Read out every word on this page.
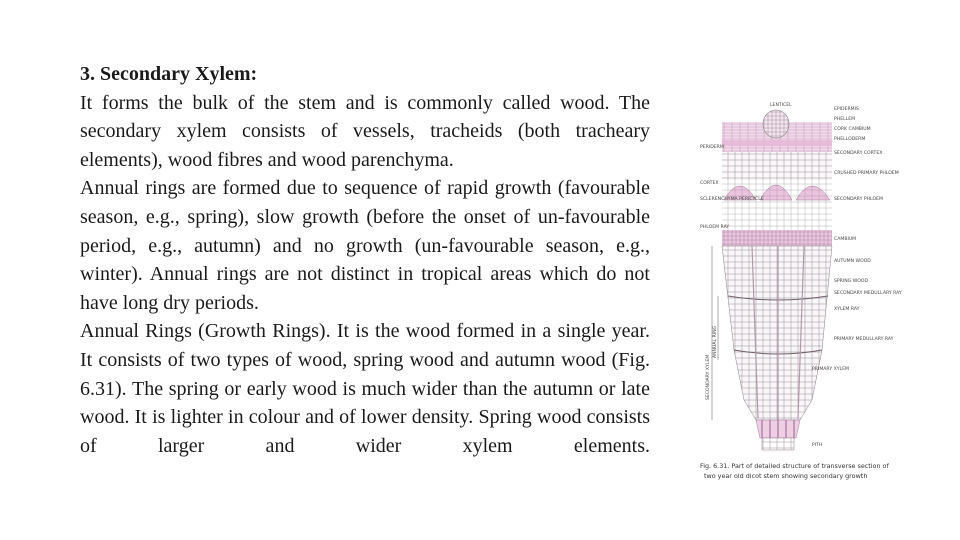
3. Secondary Xylem:

It forms the bulk of the stem and is commonly called wood. The secondary xylem consists of vessels, tracheids (both tracheary elements), wood fibres and wood parenchyma.

Annual rings are formed due to sequence of rapid growth (favourable season, e.g., spring), slow growth (before the onset of un-favourable period, e.g., autumn) and no growth (un-favourable season, e.g., winter). Annual rings are not distinct in tropical areas which do not have long dry periods.

Annual Rings (Growth Rings). It is the wood formed in a single year. It consists of two types of wood, spring wood and autumn wood (Fig. 6.31). The spring or early wood is much wider than the autumn or late wood. It is lighter in colour and of lower density. Spring wood consists of larger and wider xylem elements.

LENTICEL
PERIDERM
CORTEX
SCLERENCHYMA PERICYCLE
PHLOEM RAY
SECONDARY XYLEM
ANNUAL RING
EPIDERMIS
PHELLEM
CORK CAMBIUM
PHELLODERM
SECONDARY CORTEX
CRUSHED PRIMARY PHLOEM
SECONDARY PHLOEM
CAMBIUM
AUTUMN WOOD
SPRING WOOD
SECONDARY MEDULLARY RAY
XYLEM RAY
PRIMARY MEDULLARY RAY
PRIMARY XYLEM
PITH
Fig. 6.31. Part of detailed structure of transverse section of
two year old dicot stem showing secondary growth
